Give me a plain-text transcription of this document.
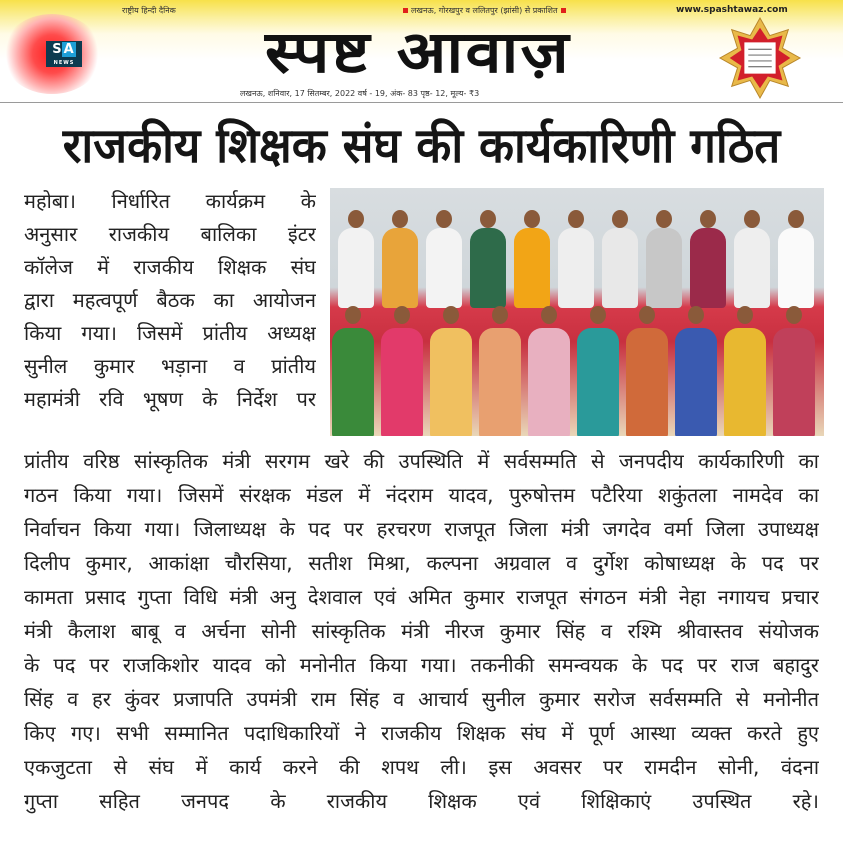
S A
NEWS
राष्ट्रीय हिन्दी दैनिक	लखनऊ, गोरखपुर व ललितपुर (झांसी) से प्रकाशित	www.spashtawaz.com
स्पष्ट आवाज़
लखनऊ, शनिवार, 17 सितम्बर, 2022 वर्ष - 19, अंक- 83 पृष्ठ- 12, मूल्य- ₹3
राजकीय शिक्षक संघ की कार्यकारिणी गठित
महोबा। निर्धारित कार्यक्रम के
अनुसार राजकीय बालिका इंटर
कॉलेज में राजकीय शिक्षक संघ
द्वारा महत्वपूर्ण बैठक का आयोजन
किया गया। जिसमें प्रांतीय अध्यक्ष
सुनील कुमार भड़ाना व प्रांतीय
महामंत्री रवि भूषण के निर्देश पर
प्रांतीय वरिष्ठ सांस्कृतिक मंत्री सरगम खरे की उपस्थिति में सर्वसम्मति से जनपदीय कार्यकारिणी का
गठन किया गया। जिसमें संरक्षक मंडल में नंदराम यादव, पुरुषोत्तम पटैरिया शकुंतला नामदेव का
निर्वाचन किया गया। जिलाध्यक्ष के पद पर हरचरण राजपूत जिला मंत्री जगदेव वर्मा जिला उपाध्यक्ष
दिलीप कुमार, आकांक्षा चौरसिया, सतीश मिश्रा, कल्पना अग्रवाल व दुर्गेश कोषाध्यक्ष के पद पर
कामता प्रसाद गुप्ता विधि मंत्री अनु देशवाल एवं अमित कुमार राजपूत संगठन मंत्री नेहा नगायच प्रचार
मंत्री कैलाश बाबू व अर्चना सोनी सांस्कृतिक मंत्री नीरज कुमार सिंह व रश्मि श्रीवास्तव संयोजक
के पद पर राजकिशोर यादव को मनोनीत किया गया। तकनीकी समन्वयक के पद पर राज बहादुर
सिंह व हर कुंवर प्रजापति उपमंत्री राम सिंह व आचार्य सुनील कुमार सरोज सर्वसम्मति से मनोनीत
किए गए। सभी सम्मानित पदाधिकारियों ने राजकीय शिक्षक संघ में पूर्ण आस्था व्यक्त करते हुए
एकजुटता से संघ में कार्य करने की शपथ ली। इस अवसर पर रामदीन सोनी, वंदना
गुप्ता सहित जनपद के राजकीय शिक्षक एवं शिक्षिकाएं उपस्थित रहे।
